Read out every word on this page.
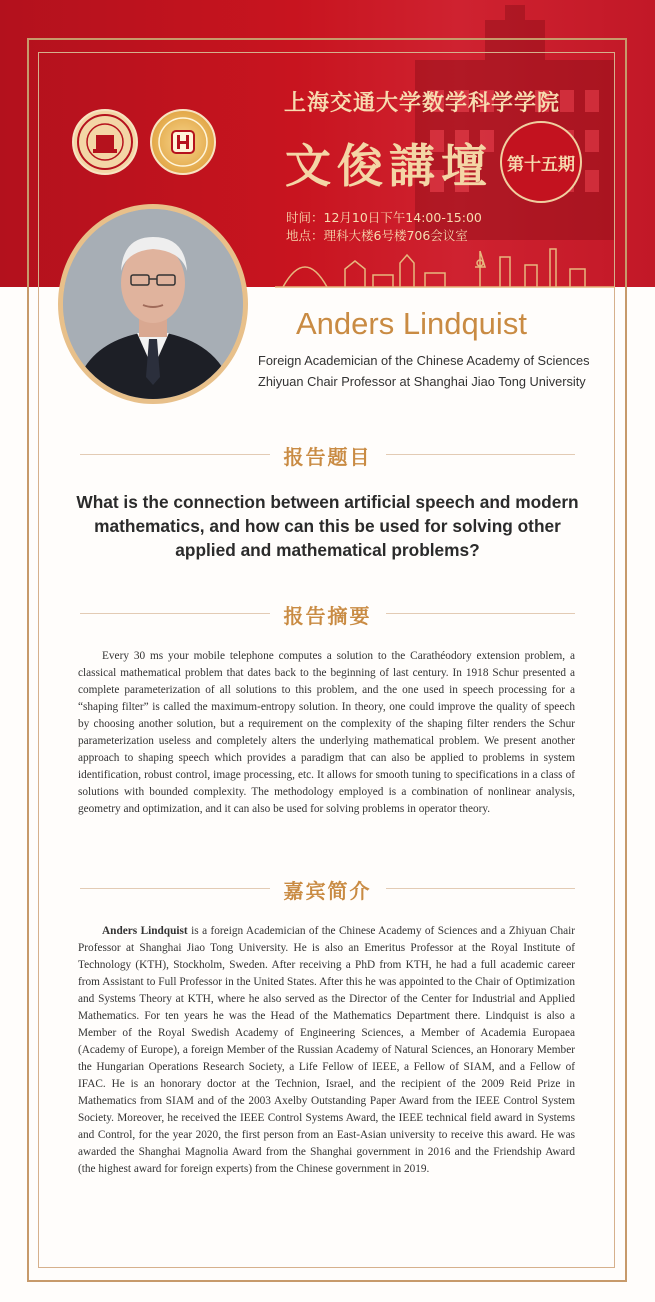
上海交通大学数学科学学院
文俊講壇 第十五期
时间：12月10日下午14:00-15:00
地点：理科大楼6号楼706会议室
Anders Lindquist
Foreign Academician of the Chinese Academy of Sciences
Zhiyuan Chair Professor at Shanghai Jiao Tong University
报告题目
What is the connection between artificial speech and modern mathematics, and how can this be used for solving other applied and mathematical problems?
报告摘要
Every 30 ms your mobile telephone computes a solution to the Carathéodory extension problem, a classical mathematical problem that dates back to the beginning of last century. In 1918 Schur presented a complete parameterization of all solutions to this problem, and the one used in speech processing for a “shaping filter” is called the maximum-entropy solution. In theory, one could improve the quality of speech by choosing another solution, but a requirement on the complexity of the shaping filter renders the Schur parameterization useless and completely alters the underlying mathematical problem. We present another approach to shaping speech which provides a paradigm that can also be applied to problems in system identification, robust control, image processing, etc. It allows for smooth tuning to specifications in a class of solutions with bounded complexity. The methodology employed is a combination of nonlinear analysis, geometry and optimization, and it can also be used for solving problems in operator theory.
嘉宾简介
Anders Lindquist is a foreign Academician of the Chinese Academy of Sciences and a Zhiyuan Chair Professor at Shanghai Jiao Tong University. He is also an Emeritus Professor at the Royal Institute of Technology (KTH), Stockholm, Sweden. After receiving a PhD from KTH, he had a full academic career from Assistant to Full Professor in the United States. After this he was appointed to the Chair of Optimization and Systems Theory at KTH, where he also served as the Director of the Center for Industrial and Applied Mathematics. For ten years he was the Head of the Mathematics Department there. Lindquist is also a Member of the Royal Swedish Academy of Engineering Sciences, a Member of Academia Europaea (Academy of Europe), a foreign Member of the Russian Academy of Natural Sciences, an Honorary Member the Hungarian Operations Research Society, a Life Fellow of IEEE, a Fellow of SIAM, and a Fellow of IFAC. He is an honorary doctor at the Technion, Israel, and the recipient of the 2009 Reid Prize in Mathematics from SIAM and of the 2003 Axelby Outstanding Paper Award from the IEEE Control System Society. Moreover, he received the IEEE Control Systems Award, the IEEE technical field award in Systems and Control, for the year 2020, the first person from an East-Asian university to receive this award. He was awarded the Shanghai Magnolia Award from the Shanghai government in 2016 and the Friendship Award (the highest award for foreign experts) from the Chinese government in 2019.
